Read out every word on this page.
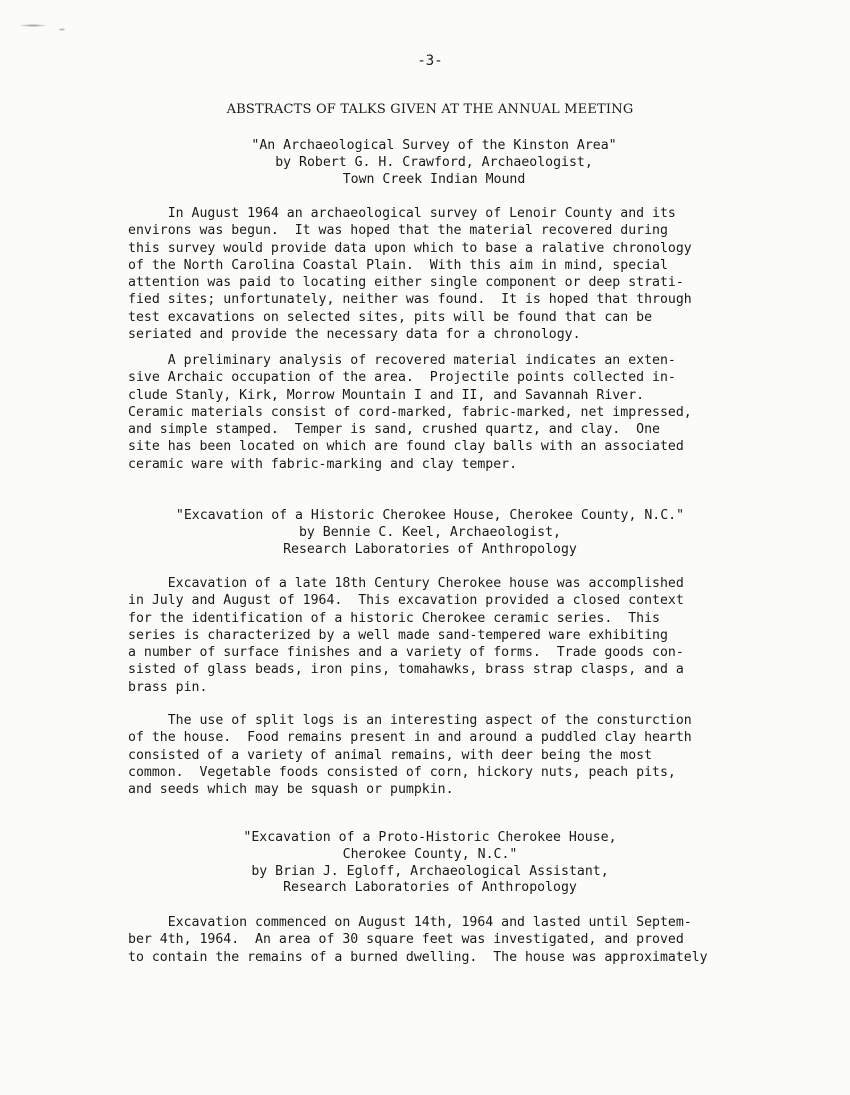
-3-
ABSTRACTS OF TALKS GIVEN AT THE ANNUAL MEETING
"An Archaeological Survey of the Kinston Area"
by Robert G. H. Crawford, Archaeologist,
Town Creek Indian Mound
In August 1964 an archaeological survey of Lenoir County and its
environs was begun.  It was hoped that the material recovered during
this survey would provide data upon which to base a ralative chronology
of the North Carolina Coastal Plain.  With this aim in mind, special
attention was paid to locating either single component or deep strati-
fied sites; unfortunately, neither was found.  It is hoped that through
test excavations on selected sites, pits will be found that can be
seriated and provide the necessary data for a chronology.
A preliminary analysis of recovered material indicates an exten-
sive Archaic occupation of the area.  Projectile points collected in-
clude Stanly, Kirk, Morrow Mountain I and II, and Savannah River.
Ceramic materials consist of cord-marked, fabric-marked, net impressed,
and simple stamped.  Temper is sand, crushed quartz, and clay.  One
site has been located on which are found clay balls with an associated
ceramic ware with fabric-marking and clay temper.
"Excavation of a Historic Cherokee House, Cherokee County, N.C."
by Bennie C. Keel, Archaeologist,
Research Laboratories of Anthropology
Excavation of a late 18th Century Cherokee house was accomplished
in July and August of 1964.  This excavation provided a closed context
for the identification of a historic Cherokee ceramic series.  This
series is characterized by a well made sand-tempered ware exhibiting
a number of surface finishes and a variety of forms.  Trade goods con-
sisted of glass beads, iron pins, tomahawks, brass strap clasps, and a
brass pin.
The use of split logs is an interesting aspect of the consturction
of the house.  Food remains present in and around a puddled clay hearth
consisted of a variety of animal remains, with deer being the most
common.  Vegetable foods consisted of corn, hickory nuts, peach pits,
and seeds which may be squash or pumpkin.
"Excavation of a Proto-Historic Cherokee House,
Cherokee County, N.C."
by Brian J. Egloff, Archaeological Assistant,
Research Laboratories of Anthropology
Excavation commenced on August 14th, 1964 and lasted until Septem-
ber 4th, 1964.  An area of 30 square feet was investigated, and proved
to contain the remains of a burned dwelling.  The house was approximately
